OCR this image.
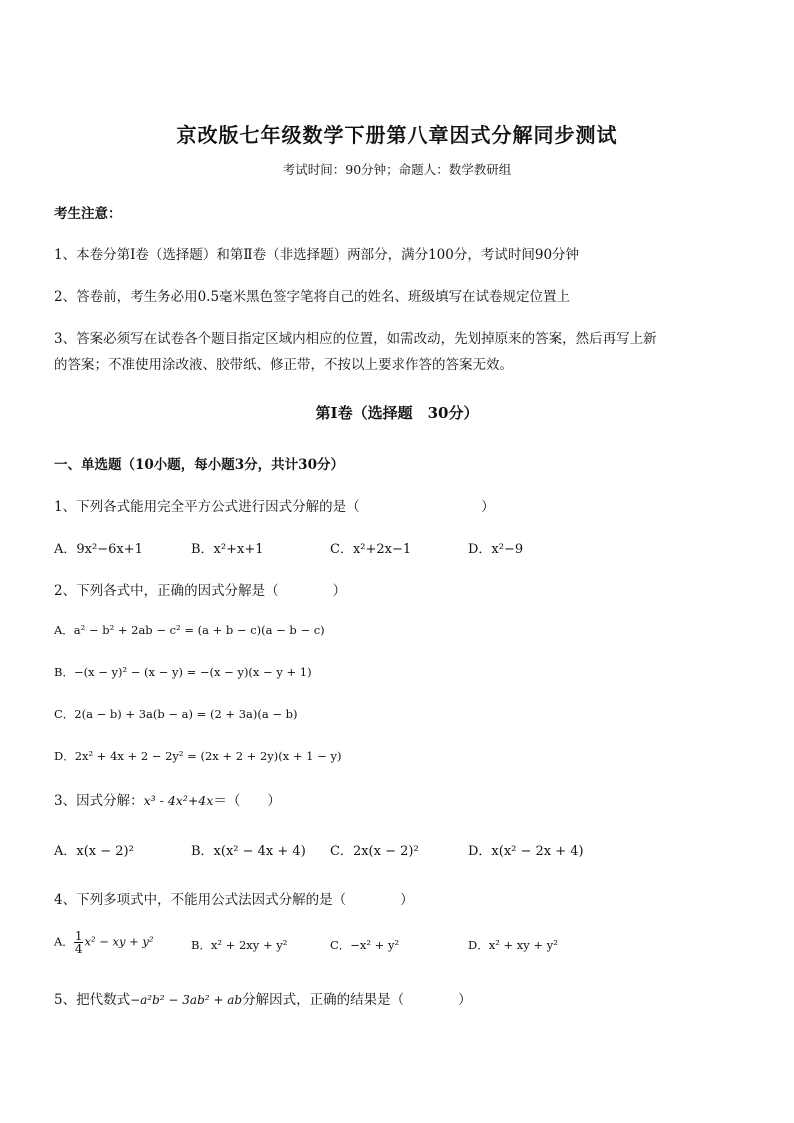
京改版七年级数学下册第八章因式分解同步测试
考试时间：90分钟；命题人：数学教研组
考生注意：
1、本卷分第Ⅰ卷（选择题）和第Ⅱ卷（非选择题）两部分，满分100分，考试时间90分钟
2、答卷前，考生务必用0.5毫米黑色签字笔将自己的姓名、班级填写在试卷规定位置上
3、答案必须写在试卷各个题目指定区域内相应的位置，如需改动，先划掉原来的答案，然后再写上新
的答案；不准使用涂改液、胶带纸、修正带，不按以上要求作答的答案无效。
第Ⅰ卷（选择题　30分）
一、单选题（10小题，每小题3分，共计30分）
1、下列各式能用完全平方公式进行因式分解的是（　　　　　　　　　）
A．9x²−6x+1	B．x²+x+1	C．x²+2x−1	D．x²−9
2、下列各式中，正确的因式分解是（　　　　）
A．a² − b² + 2ab − c² = (a + b − c)(a − b − c)
B．−(x − y)² − (x − y) = −(x − y)(x − y + 1)
C．2(a − b) + 3a(b − a) = (2 + 3a)(a − b)
D．2x² + 4x + 2 − 2y² = (2x + 2 + 2y)(x + 1 − y)
3、因式分解：x³ - 4x²+4x＝（　　）
A．x(x − 2)²	B．x(x² − 4x + 4) C．2x(x − 2)²	D．x(x² − 2x + 4)
4、下列多项式中，不能用公式法因式分解的是（　　　　）
A． $\frac{1}{4} x^2$ − xy + y²	B．x² + 2xy + y²	C．−x² + y²	D．x² + xy + y²
5、把代数式−a²b² − 3ab² + ab分解因式，正确的结果是（　　　　）
